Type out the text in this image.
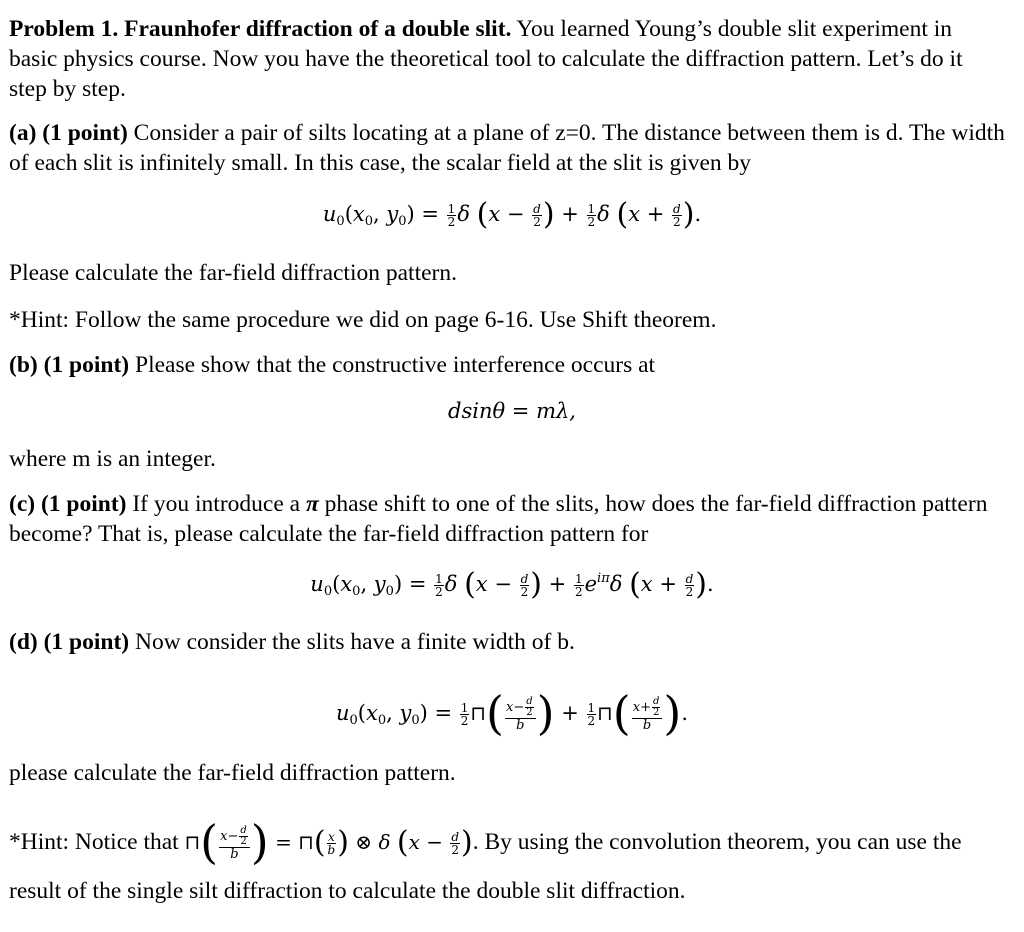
Problem 1. Fraunhofer diffraction of a double slit. You learned Young’s double slit experiment in basic physics course. Now you have the theoretical tool to calculate the diffraction pattern. Let’s do it step by step.

(a) (1 point) Consider a pair of silts locating at a plane of z=0. The distance between them is d. The width of each slit is infinitely small. In this case, the scalar field at the slit is given by

$u_0(x_0$, $y_0) = \frac{1}{2}$ δ ($x - \frac{d}{2}$ ) + $\frac{1}{2}$ δ ($x + \frac{d}{2}$ ).

Please calculate the far-field diffraction pattern.

*Hint: Follow the same procedure we did on page 6-16. Use Shift theorem.

(b) (1 point) Please show that the constructive interference occurs at

dsinθ = mλ,

where m is an integer.

(c) (1 point) If you introduce a π phase shift to one of the slits, how does the far-field diffraction pattern become? That is, please calculate the far-field diffraction pattern for

$u_0(x_0$, $y_0) = \frac{1}{2}$ δ ($x - \frac{d}{2}$ ) + $\frac{1}{2} e^{i\pi}\delta$ ($x + \frac{d}{2}$ ).

(d) (1 point) Now consider the slits have a finite width of b.

$u_0(x_0$, $y_0) = \frac{1}{2}$ ⊓( $\frac{x- \frac{d}{2}}{b}$ ) + $\frac{1}{2}$ ⊓( $\frac{x+ \frac{d}{2}}{b}$ ).

please calculate the far-field diffraction pattern.

*Hint: Notice that ⊓( $\frac{x- \frac{d}{2}}{b}$ ) = ⊓( $\frac{x}{b}$ ) ⊗ δ ($x - \frac{d}{2}$ ). By using the convolution theorem, you can use the result of the single silt diffraction to calculate the double slit diffraction.
